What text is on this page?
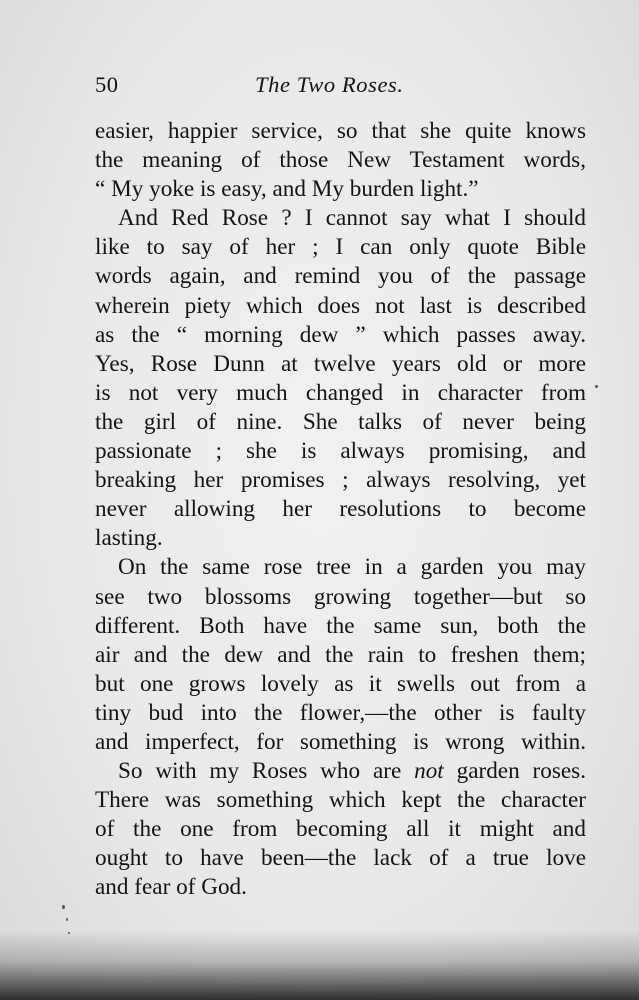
50	The Two Roses.
easier, happier service, so that she quite knows
the meaning of those New Testament words,
“ My yoke is easy, and My burden light.”
And Red Rose ? I cannot say what I should
like to say of her ; I can only quote Bible
words again, and remind you of the passage
wherein piety which does not last is described
as the “ morning dew ” which passes away.
Yes, Rose Dunn at twelve years old or more
is not very much changed in character from
the girl of nine. She talks of never being
passionate ; she is always promising, and
breaking her promises ; always resolving, yet
never allowing her resolutions to become
lasting.
On the same rose tree in a garden you may
see two blossoms growing together—but so
different. Both have the same sun, both the
air and the dew and the rain to freshen them;
but one grows lovely as it swells out from a
tiny bud into the flower,—the other is faulty
and imperfect, for something is wrong within.
So with my Roses who are not garden roses.
There was something which kept the character
of the one from becoming all it might and
ought to have been—the lack of a true love
and fear of God.
